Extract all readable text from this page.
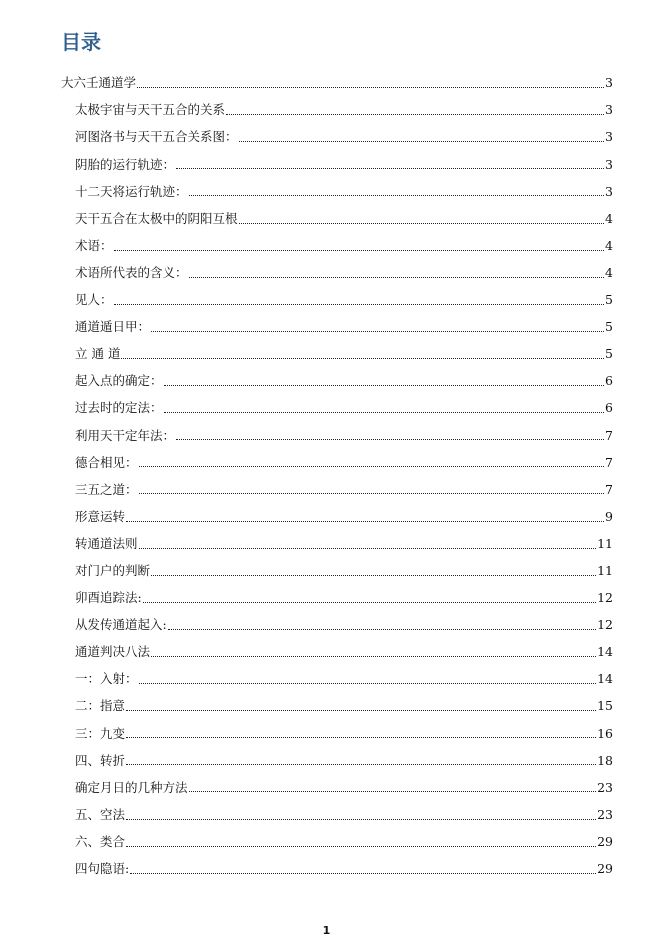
目录
大六壬通道学	3
太极宇宙与天干五合的关系	3
河图洛书与天干五合关系图：	3
阴胎的运行轨迹：	3
十二天将运行轨迹：	3
天干五合在太极中的阴阳互根	4
术语：	4
术语所代表的含义：	4
见人：	5
通道遁日甲：	5
立 通 道	5
起入点的确定：	6
过去时的定法：	6
利用天干定年法：	7
德合相见：	7
三五之道：	7
形意运转	9
转通道法则	11
对门户的判断	11
卯酉追踪法:	12
从发传通道起入:	12
通道判决八法	14
一：入射：	14
二：指意	15
三：九变	16
四、转折	18
确定月日的几种方法	23
五、空法	23
六、类合	29
四句隐语:	29
1
